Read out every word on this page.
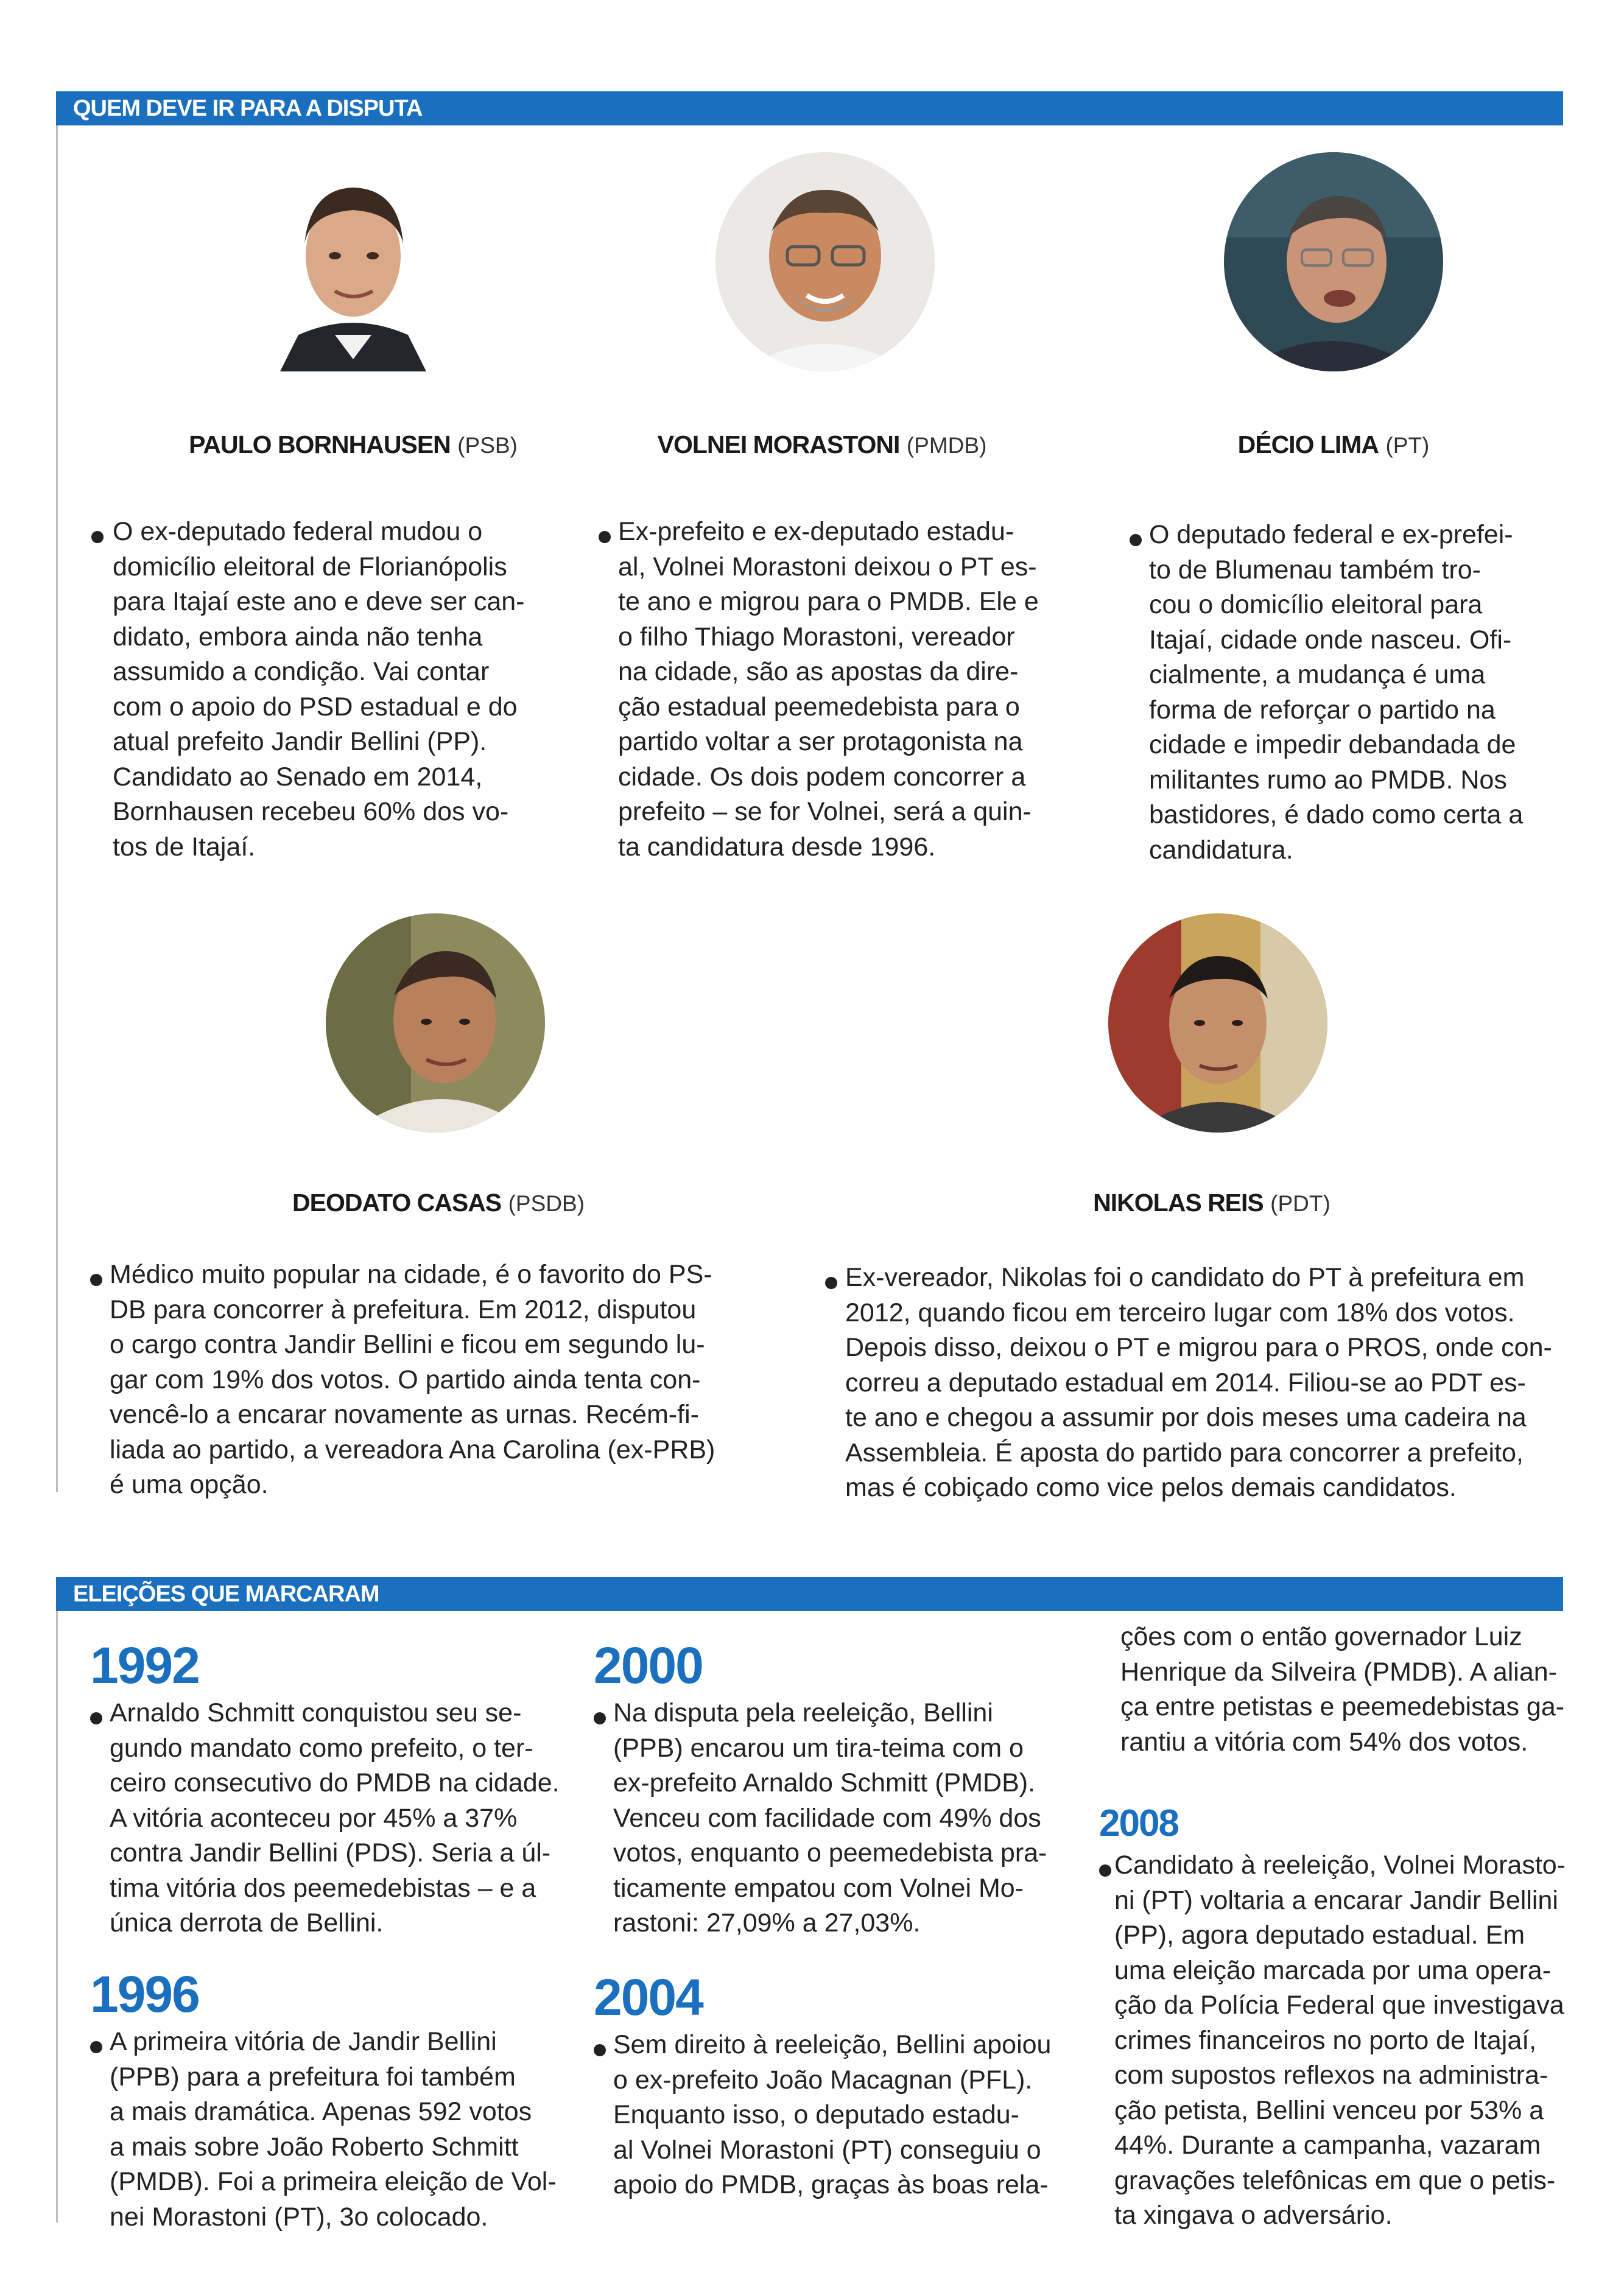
QUEM DEVE IR PARA A DISPUTA
PAULO BORNHAUSEN (PSB)
O ex-deputado federal mudou o
domicílio eleitoral de Florianópolis
para Itajaí este ano e deve ser can-
didato, embora ainda não tenha
assumido a condição. Vai contar
com o apoio do PSD estadual e do
atual prefeito Jandir Bellini (PP).
Candidato ao Senado em 2014,
Bornhausen recebeu 60% dos vo-
tos de Itajaí.
VOLNEI MORASTONI (PMDB)
Ex-prefeito e ex-deputado estadu-
al, Volnei Morastoni deixou o PT es-
te ano e migrou para o PMDB. Ele e
o filho Thiago Morastoni, vereador
na cidade, são as apostas da dire-
ção estadual peemedebista para o
partido voltar a ser protagonista na
cidade. Os dois podem concorrer a
prefeito – se for Volnei, será a quin-
ta candidatura desde 1996.
DÉCIO LIMA (PT)
O deputado federal e ex-prefei-
to de Blumenau também tro-
cou o domicílio eleitoral para
Itajaí, cidade onde nasceu. Ofi-
cialmente, a mudança é uma
forma de reforçar o partido na
cidade e impedir debandada de
militantes rumo ao PMDB. Nos
bastidores, é dado como certa a
candidatura.
DEODATO CASAS (PSDB)
Médico muito popular na cidade, é o favorito do PS-
DB para concorrer à prefeitura. Em 2012, disputou
o cargo contra Jandir Bellini e ficou em segundo lu-
gar com 19% dos votos. O partido ainda tenta con-
vencê-lo a encarar novamente as urnas. Recém-fi-
liada ao partido, a vereadora Ana Carolina (ex-PRB)
é uma opção.
NIKOLAS REIS (PDT)
Ex-vereador, Nikolas foi o candidato do PT à prefeitura em
2012, quando ficou em terceiro lugar com 18% dos votos.
Depois disso, deixou o PT e migrou para o PROS, onde con-
correu a deputado estadual em 2014. Filiou-se ao PDT es-
te ano e chegou a assumir por dois meses uma cadeira na
Assembleia. É aposta do partido para concorrer a prefeito,
mas é cobiçado como vice pelos demais candidatos.
ELEIÇÕES QUE MARCARAM
1992
Arnaldo Schmitt conquistou seu se-
gundo mandato como prefeito, o ter-
ceiro consecutivo do PMDB na cidade.
A vitória aconteceu por 45% a 37%
contra Jandir Bellini (PDS). Seria a úl-
tima vitória dos peemedebistas – e a
única derrota de Bellini.
1996
A primeira vitória de Jandir Bellini
(PPB) para a prefeitura foi também
a mais dramática. Apenas 592 votos
a mais sobre João Roberto Schmitt
(PMDB). Foi a primeira eleição de Vol-
nei Morastoni (PT), 3o colocado.
2000
Na disputa pela reeleição, Bellini
(PPB) encarou um tira-teima com o
ex-prefeito Arnaldo Schmitt (PMDB).
Venceu com facilidade com 49% dos
votos, enquanto o peemedebista pra-
ticamente empatou com Volnei Mo-
rastoni: 27,09% a 27,03%.
2004
Sem direito à reeleição, Bellini apoiou
o ex-prefeito João Macagnan (PFL).
Enquanto isso, o deputado estadu-
al Volnei Morastoni (PT) conseguiu o
apoio do PMDB, graças às boas rela-
ções com o então governador Luiz
Henrique da Silveira (PMDB). A alian-
ça entre petistas e peemedebistas ga-
rantiu a vitória com 54% dos votos.
2008
Candidato à reeleição, Volnei Morasto-
ni (PT) voltaria a encarar Jandir Bellini
(PP), agora deputado estadual. Em
uma eleição marcada por uma opera-
ção da Polícia Federal que investigava
crimes financeiros no porto de Itajaí,
com supostos reflexos na administra-
ção petista, Bellini venceu por 53% a
44%. Durante a campanha, vazaram
gravações telefônicas em que o petis-
ta xingava o adversário.
